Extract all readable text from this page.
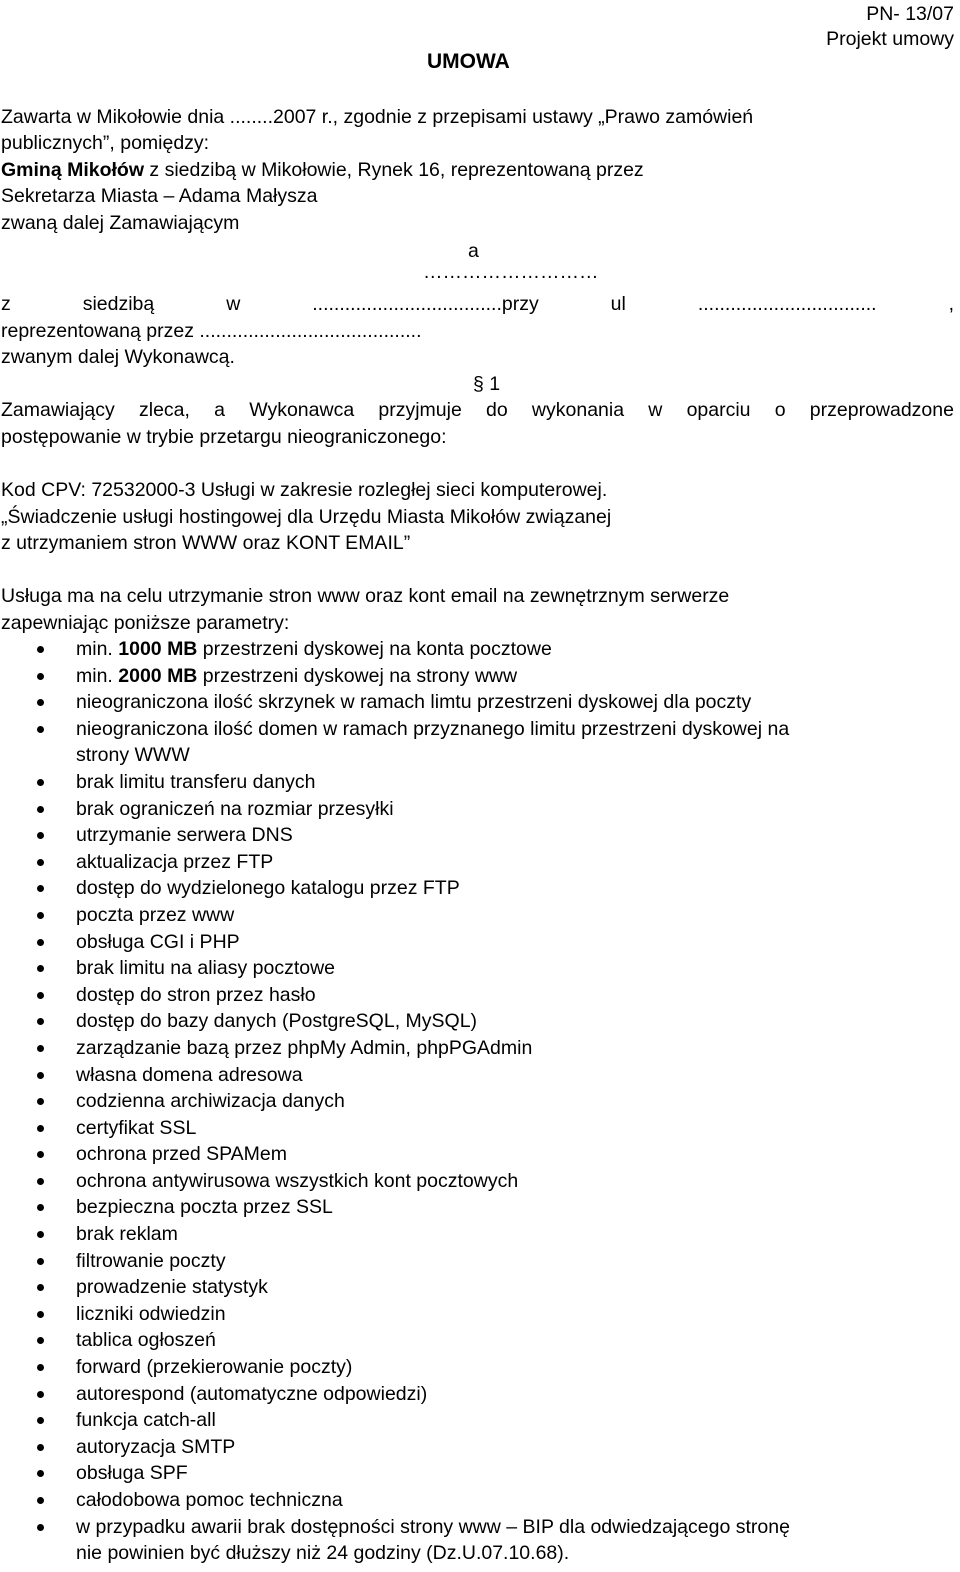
PN- 13/07
Projekt umowy
UMOWA
Zawarta w Mikołowie dnia ........2007 r., zgodnie z przepisami ustawy „Prawo zamówień
publicznych”, pomiędzy:
Gminą Mikołów z siedzibą w Mikołowie, Rynek 16, reprezentowaną przez
Sekretarza Miasta – Adama Małysza
zwaną dalej Zamawiającym
a
………………………
z	siedzibą	w	...................................przy	ul	.................................	,
reprezentowaną przez .........................................
zwanym dalej Wykonawcą.
§ 1
Zamawiający zleca, a Wykonawca przyjmuje do wykonania w oparciu o przeprowadzone
postępowanie w trybie przetargu nieograniczonego:
Kod CPV: 72532000-3 Usługi w zakresie rozległej sieci komputerowej.
„Świadczenie usługi hostingowej dla Urzędu Miasta Mikołów związanej
z utrzymaniem stron WWW oraz KONT EMAIL”
Usługa ma na celu utrzymanie stron www oraz kont email na zewnętrznym serwerze
zapewniając poniższe parametry:
min. 1000 MB przestrzeni dyskowej na konta pocztowe
min. 2000 MB przestrzeni dyskowej na strony www
nieograniczona ilość skrzynek w ramach limtu przestrzeni dyskowej dla poczty
nieograniczona ilość domen w ramach przyznanego limitu przestrzeni dyskowej na
strony WWW
brak limitu transferu danych
brak ograniczeń na rozmiar przesyłki
utrzymanie serwera DNS
aktualizacja przez FTP
dostęp do wydzielonego katalogu przez FTP
poczta przez www
obsługa CGI i PHP
brak limitu na aliasy pocztowe
dostęp do stron przez hasło
dostęp do bazy danych (PostgreSQL, MySQL)
zarządzanie bazą przez phpMy Admin, phpPGAdmin
własna domena adresowa
codzienna archiwizacja danych
certyfikat SSL
ochrona przed SPAMem
ochrona antywirusowa wszystkich kont pocztowych
bezpieczna poczta przez SSL
brak reklam
filtrowanie poczty
prowadzenie statystyk
liczniki odwiedzin
tablica ogłoszeń
forward (przekierowanie poczty)
autorespond (automatyczne odpowiedzi)
funkcja catch-all
autoryzacja SMTP
obsługa SPF
całodobowa pomoc techniczna
w przypadku awarii brak dostępności strony www – BIP dla odwiedzającego stronę
nie powinien być dłuższy niż 24 godziny (Dz.U.07.10.68).
